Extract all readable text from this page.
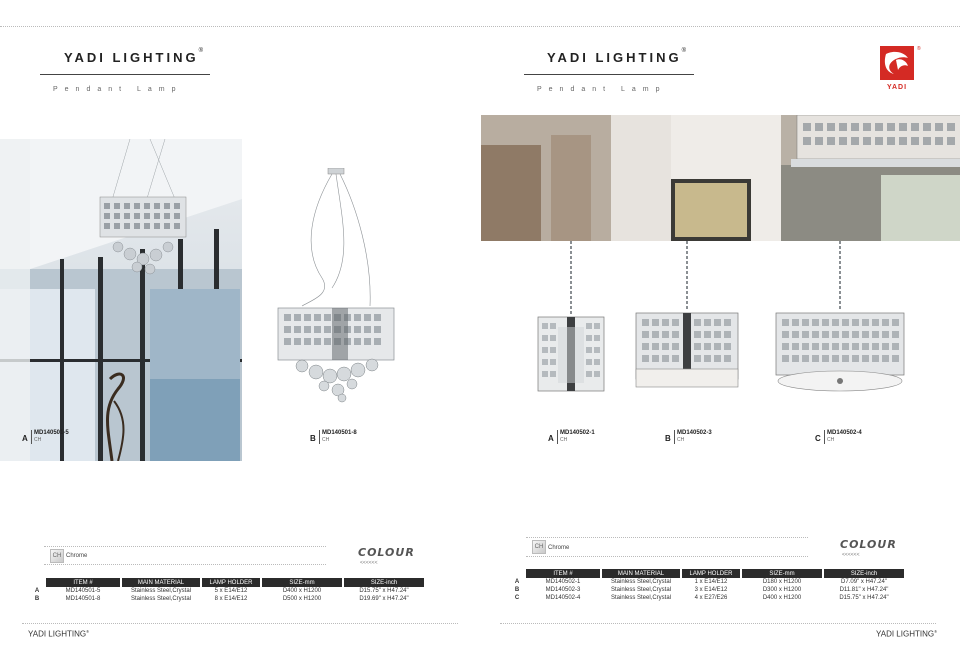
YADI LIGHTING®
Pendant Lamp
A
MD140501-5
CH	B
MD140501-8
CH
CH Chrome	COLOUR
<<<<<<
	ITEM #	MAIN MATERIAL	LAMP HOLDER	SIZE-mm	SIZE-inch
A	MD140501-5	Stainless Steel,Crystal	5 x E14/E12	D400 x H1200	D15.75" x H47.24"
B	MD140501-8	Stainless Steel,Crystal	8 x E14/E12	D500 x H1200	D19.69" x H47.24"
YADI LIGHTING®
YADI LIGHTING®
Pendant Lamp
®
YADI
A
MD140502-1
CH	B
MD140502-3
CH	C
MD140502-4
CH
CH Chrome	COLOUR
<<<<<<
	ITEM #	MAIN MATERIAL	LAMP HOLDER	SIZE-mm	SIZE-inch
A	MD140502-1	Stainless Steel,Crystal	1 x E14/E12	D180 x H1200	D7.09" x H47.24"
B	MD140502-3	Stainless Steel,Crystal	3 x E14/E12	D300 x H1200	D11.81" x H47.24"
C	MD140502-4	Stainless Steel,Crystal	4 x E27/E26	D400 x H1200	D15.75" x H47.24"
YADI LIGHTING®
